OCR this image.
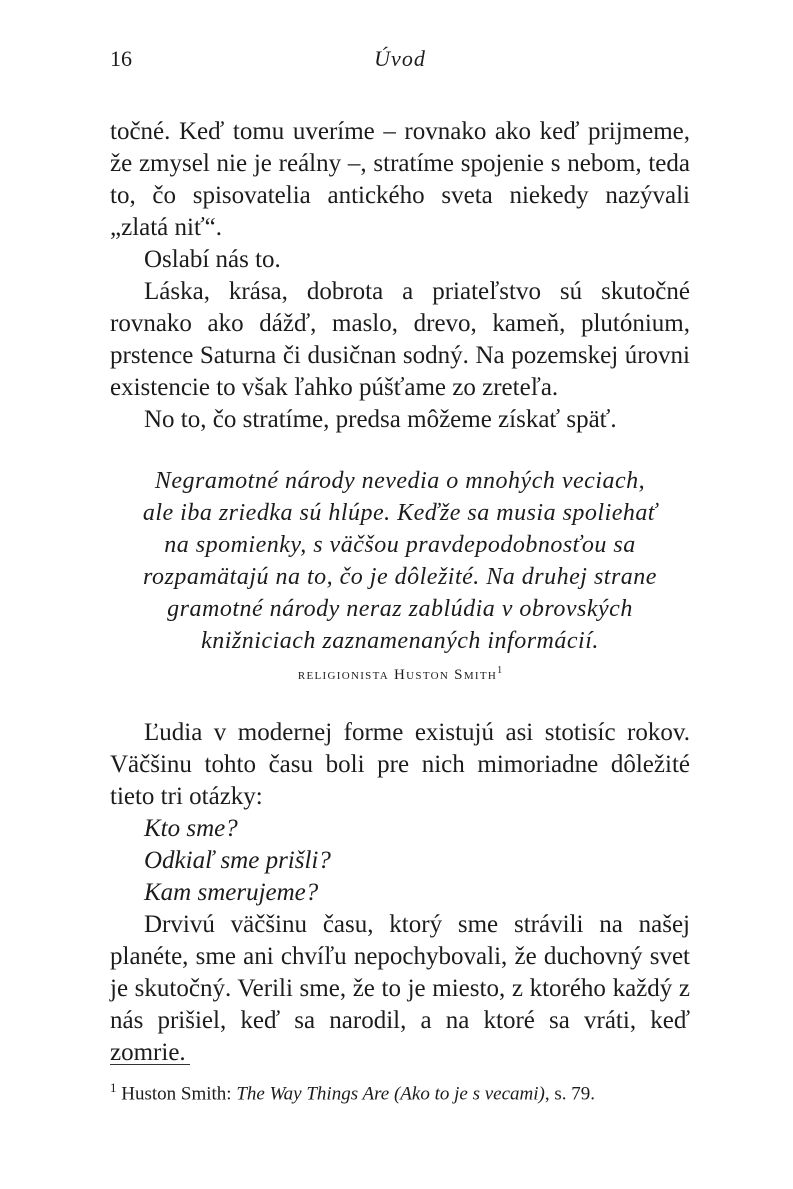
16	Úvod

točné. Keď tomu uveríme – rovnako ako keď prijmeme, že zmysel nie je reálny –, stratíme spojenie s nebom, teda to, čo spisovatelia antického sveta niekedy nazývali „zlatá niť“.

Oslabí nás to.

Láska, krása, dobrota a priateľstvo sú skutočné rovnako ako dážď, maslo, drevo, kameň, plutónium, prstence Saturna či dusičnan sodný. Na pozemskej úrovni existencie to však ľahko púšťame zo zreteľa.

No to, čo stratíme, predsa môžeme získať späť.

Negramotné národy nevedia o mnohých veciach,
ale iba zriedka sú hlúpe. Keďže sa musia spoliehať
na spomienky, s väčšou pravdepodobnosťou sa
rozpamätajú na to, čo je dôležité. Na druhej strane
gramotné národy neraz zablúdia v obrovských
knižniciach zaznamenaných informácií.
religionista Huston Smith$^1$

Ľudia v modernej forme existujú asi stotisíc rokov. Väčšinu tohto času boli pre nich mimoriadne dôležité tieto tri otázky:

Kto sme?

Odkiaľ sme prišli?

Kam smerujeme?

Drvivú väčšinu času, ktorý sme strávili na našej planéte, sme ani chvíľu nepochybovali, že duchovný svet je skutočný. Verili sme, že to je miesto, z ktorého každý z nás prišiel, keď sa narodil, a na ktoré sa vráti, keď zomrie.

$^1$ Huston Smith: The Way Things Are (Ako to je s vecami), s. 79.
